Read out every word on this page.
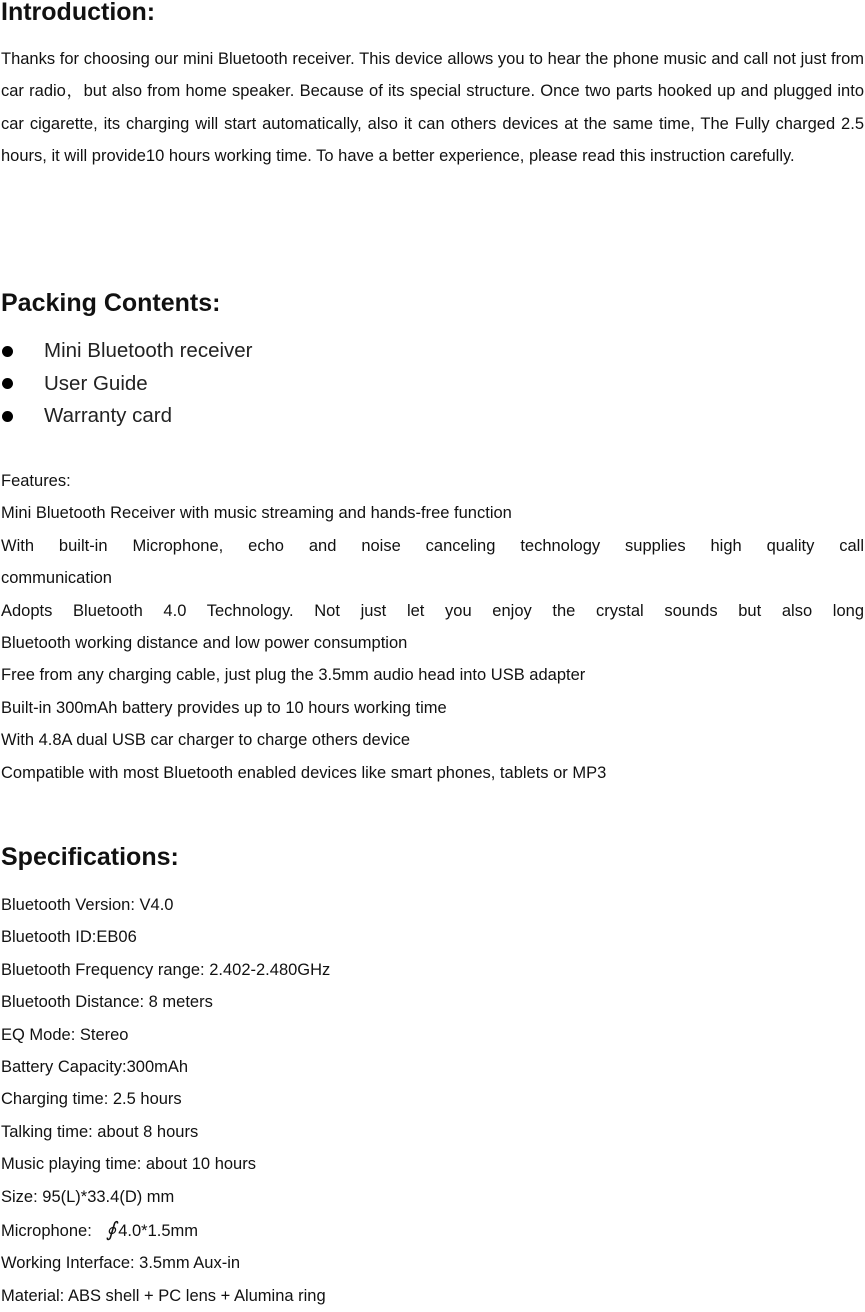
Introduction:

Thanks for choosing our mini Bluetooth receiver. This device allows you to hear the phone music and call not just from car radio，but also from home speaker. Because of its special structure. Once two parts hooked up and plugged into car cigarette, its charging will start automatically, also it can others devices at the same time, The Fully charged 2.5 hours, it will provide10 hours working time. To have a better experience, please read this instruction carefully.

Packing Contents:
Mini Bluetooth receiver
User Guide
Warranty card

Features:

Mini Bluetooth Receiver with music streaming and hands-free function

With built-in Microphone, echo and noise canceling technology supplies high quality call

communication

Adopts Bluetooth 4.0 Technology. Not just let you enjoy the crystal sounds but also long

Bluetooth working distance and low power consumption

Free from any charging cable, just plug the 3.5mm audio head into USB adapter

Built-in 300mAh battery provides up to 10 hours working time

With 4.8A dual USB car charger to charge others device

Compatible with most Bluetooth enabled devices like smart phones, tablets or MP3

Specifications:

Bluetooth Version: V4.0

Bluetooth ID:EB06

Bluetooth Frequency range: 2.402-2.480GHz

Bluetooth Distance: 8 meters

EQ Mode: Stereo

Battery Capacity:300mAh

Charging time: 2.5 hours

Talking time: about 8 hours

Music playing time: about 10 hours

Size: 95(L)*33.4(D) mm

Microphone: ∮ 4.0*1.5mm

Working Interface: 3.5mm Aux-in

Material: ABS shell + PC lens + Alumina ring
